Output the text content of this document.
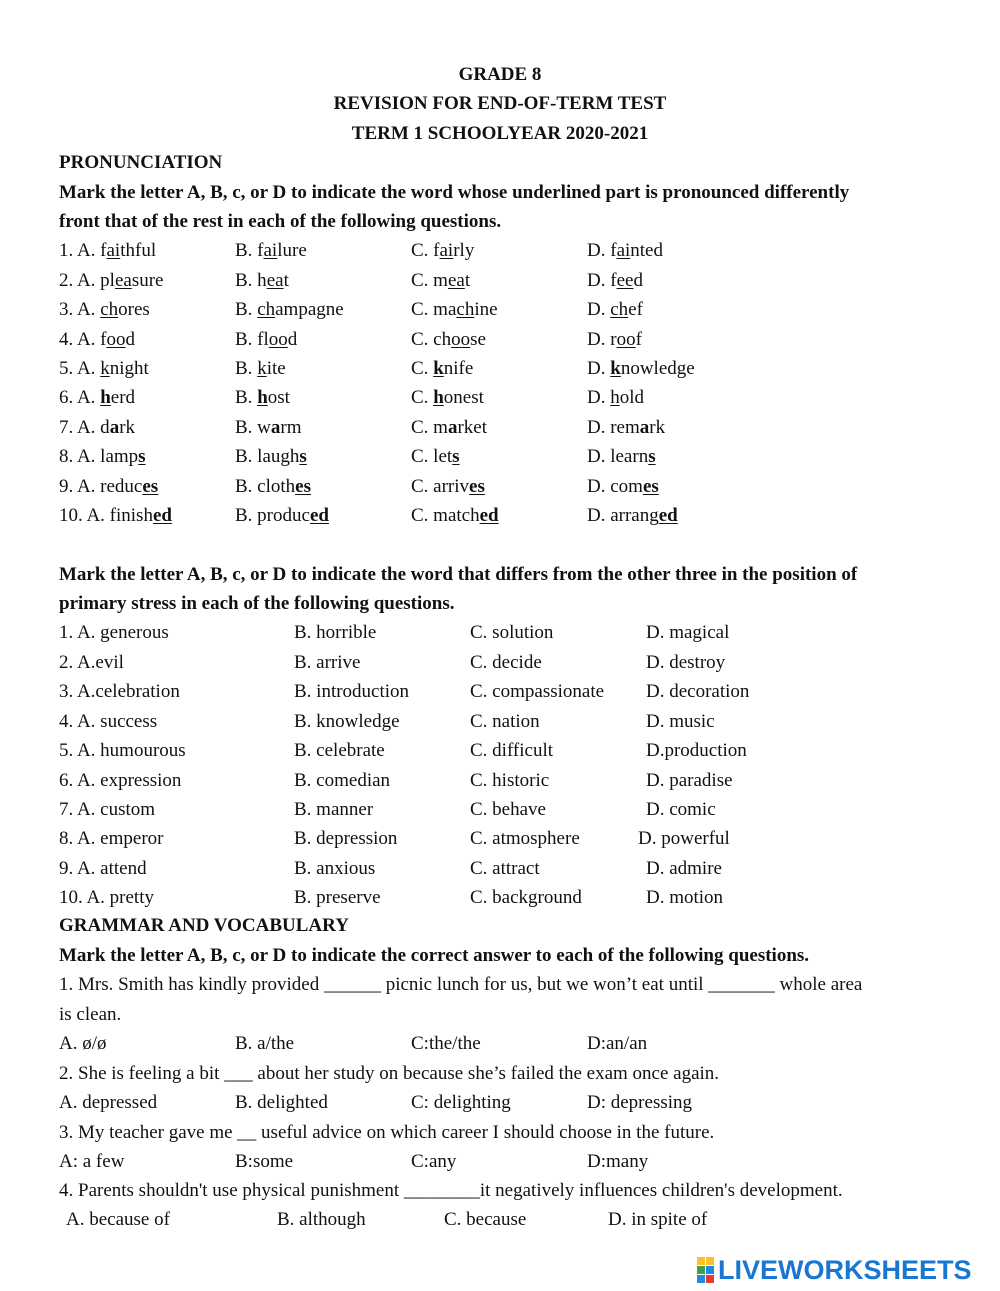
GRADE 8
REVISION FOR END-OF-TERM TEST
TERM 1 SCHOOLYEAR 2020-2021
PRONUNCIATION
Mark the letter A, B, c, or D to indicate the word whose underlined part is pronounced differently
front that of the rest in each of the following questions.
1. A. faithful	B. failure	C. fairly	D. fainted
2. A. pleasure	B. heat	C. meat	D. feed
3. A. chores	B. champagne	C. machine	D. chef
4. A. food	B. flood	C. choose	D. roof
5. A. knight	B. kite	C. knife	D. knowledge
6. A. herd	B. host	C. honest	D. hold
7. A. dark	B. warm	C. market	D. remark
8. A. lamps	B. laughs	C. lets	D. learns
9. A. reduces	B. clothes	C. arrives	D. comes
10. A. finished	B. produced	C. matched	D. arranged
Mark the letter A, B, c, or D to indicate the word that differs from the other three in the position of
primary stress in each of the following questions.
1. A. generous	B. horrible	C. solution	D. magical
2. A.evil	B. arrive	C. decide	D. destroy
3. A.celebration	B. introduction	C. compassionate D. decoration
4. A. success	B. knowledge	C. nation	D. music
5. A. humourous	B. celebrate	C. difficult	D.production
6. A. expression	B. comedian	C. historic	D. paradise
7. A. custom	B. manner	C. behave	D. comic
8. A. emperor	B. depression	C. atmosphere	D. powerful
9. A. attend	B. anxious	C. attract	D. admire
10. A. pretty	B. preserve	C. background	D. motion
GRAMMAR AND VOCABULARY
Mark the letter A, B, c, or D to indicate the correct answer to each of the following questions.
1. Mrs. Smith has kindly provided ______ picnic lunch for us, but we won’t eat until _______ whole area
is clean.
A. ø/ø	B. a/the	C:the/the	D:an/an
2. She is feeling a bit ___ about her study on because she’s failed the exam once again.
A. depressed	B. delighted	C: delighting	D: depressing
3. My teacher gave me __ useful advice on which career I should choose in the future.
A: a few	B:some	C:any	D:many
4. Parents shouldn't use physical punishment ________it negatively influences children's development.
A. because of	B. although	C. because	D. in spite of
LIVEWORKSHEETS
